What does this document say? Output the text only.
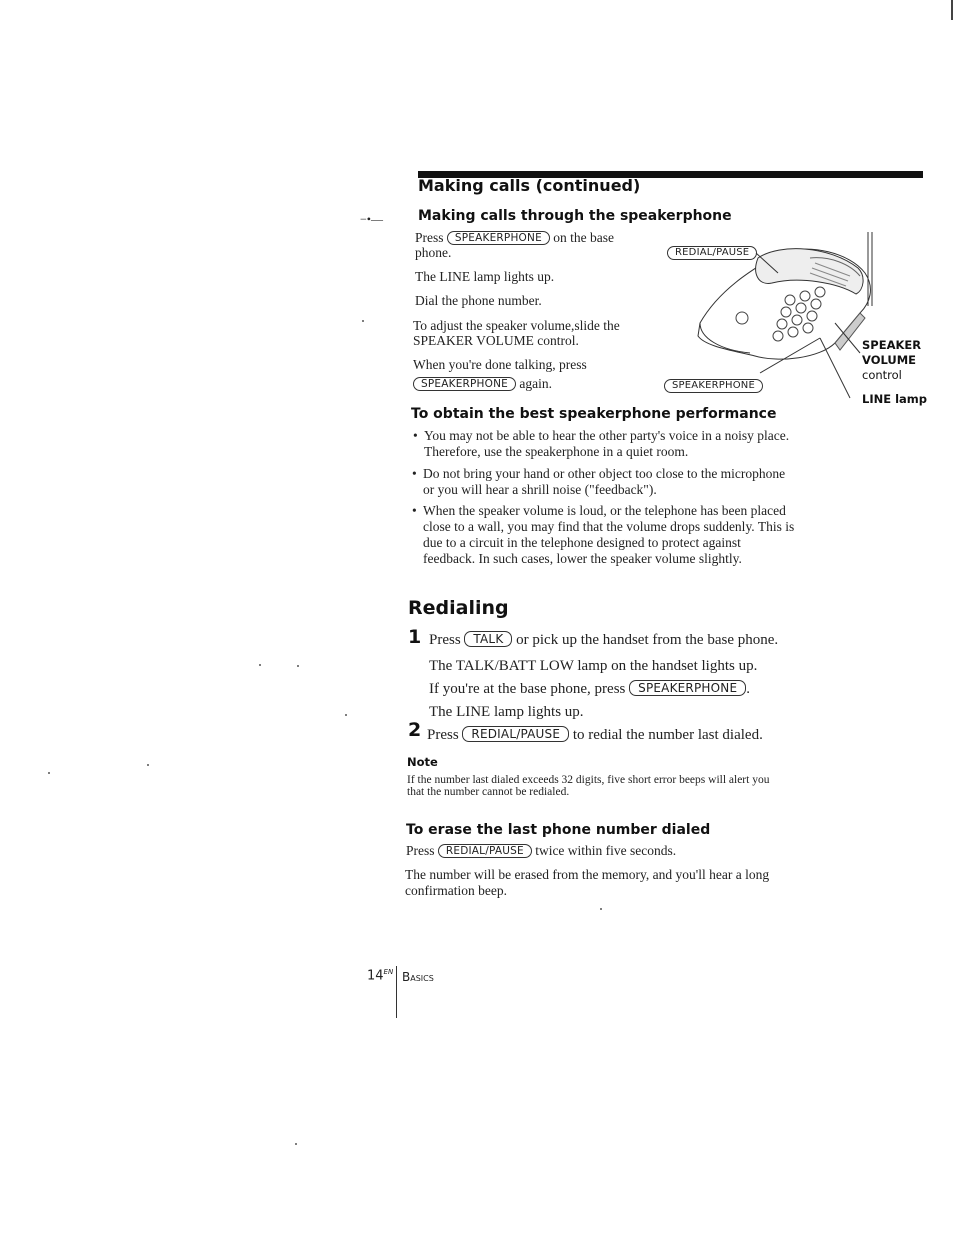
Making calls (continued)
−•—	Making calls through the speakerphone
Press SPEAKERPHONE on the base
phone.
The LINE lamp lights up.
Dial the phone number.
To adjust the speaker volume,slide the
SPEAKER VOLUME control.
When you're done talking, press
SPEAKERPHONE again.
REDIAL/PAUSE
SPEAKERPHONE
SPEAKER
VOLUME
control
LINE lamp
To obtain the best speakerphone performance
• You may not be able to hear the other party's voice in a noisy place.
Therefore, use the speakerphone in a quiet room.
• Do not bring your hand or other object too close to the microphone
or you will hear a shrill noise ("feedback").
• When the speaker volume is loud, or the telephone has been placed
close to a wall, you may find that the volume drops suddenly. This is
due to a circuit in the telephone designed to protect against
feedback. In such cases, lower the speaker volume slightly.
Redialing
1 Press TALK or pick up the handset from the base phone.
The TALK/BATT LOW lamp on the handset lights up.
If you're at the base phone, press SPEAKERPHONE .
The LINE lamp lights up.
2 Press REDIAL/PAUSE to redial the number last dialed.
Note
If the number last dialed exceeds 32 digits, five short error beeps will alert you
that the number cannot be redialed.
To erase the last phone number dialed
Press REDIAL/PAUSE twice within five seconds.
The number will be erased from the memory, and you'll hear a long
confirmation beep.
$14^{EN}$ Basics
